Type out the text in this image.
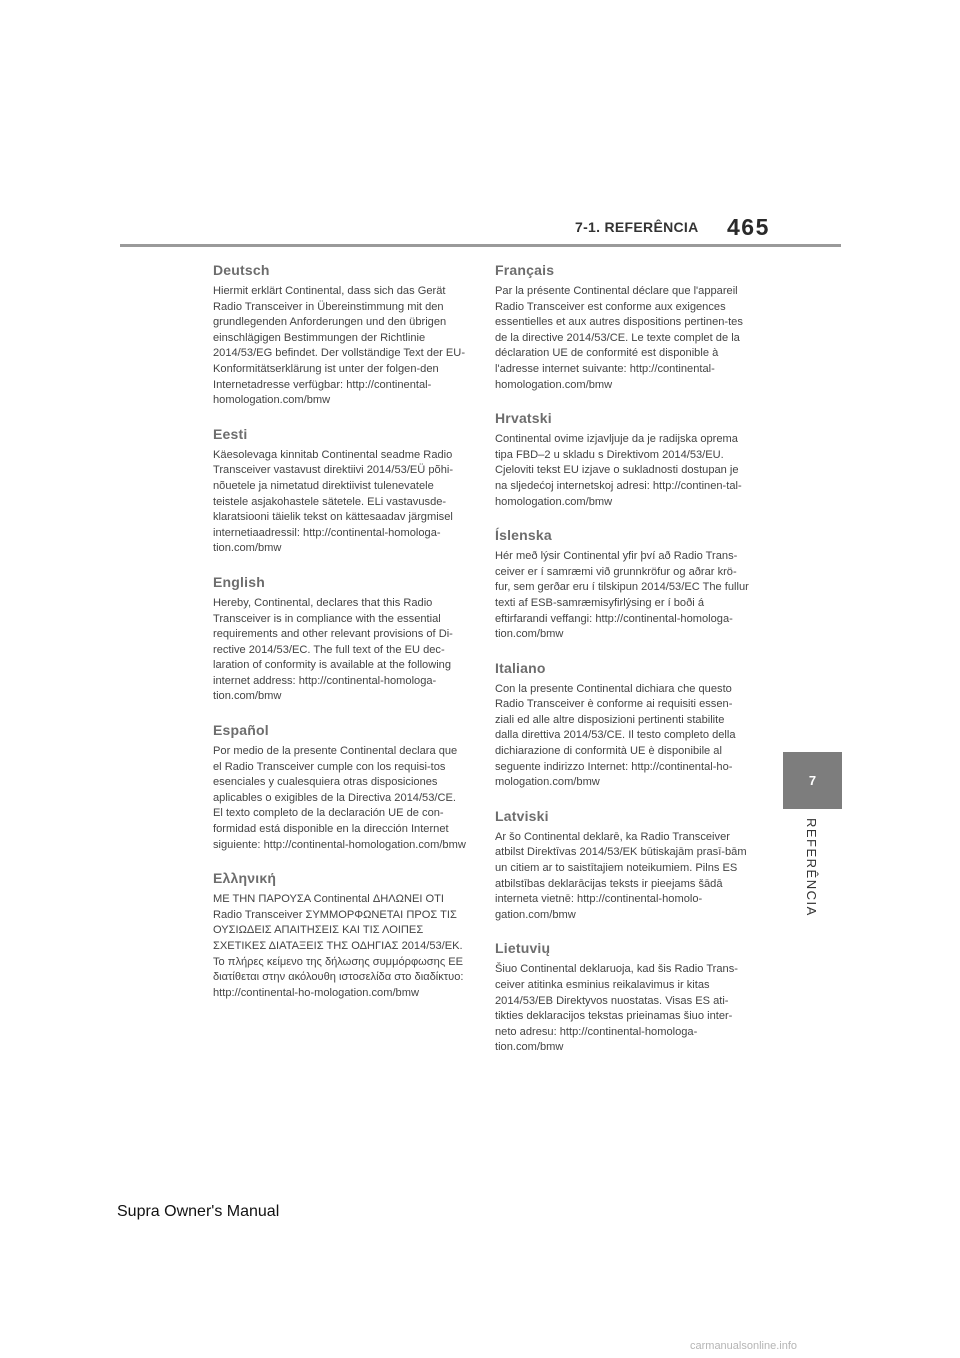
7-1. REFERÊNCIA 465
7
REFERÊNCIA
Deutsch

Hiermit erklärt Continental, dass sich das Gerät Radio Transceiver in Übereinstimmung mit den grundlegenden Anforderungen und den übrigen einschlägigen Bestimmungen der Richtlinie 2014/53/EG befindet. Der vollständige Text der EU-Konformitätserklärung ist unter der folgen-den Internetadresse verfügbar: http://continental-homologation.com/bmw

Eesti

Käesolevaga kinnitab Continental seadme Radio Transceiver vastavust direktiivi 2014/53/EÜ põhi-nõuetele ja nimetatud direktiivist tulenevatele teistele asjakohastele sätetele. ELi vastavusde-klaratsiooni täielik tekst on kättesaadav järgmisel internetiaadressil: http://continental-homologa-tion.com/bmw

English

Hereby, Continental, declares that this Radio Transceiver is in compliance with the essential requirements and other relevant provisions of Di-rective 2014/53/EC. The full text of the EU dec-laration of conformity is available at the following internet address: http://continental-homologa-tion.com/bmw

Español

Por medio de la presente Continental declara que el Radio Transceiver cumple con los requisi-tos esenciales y cualesquiera otras disposiciones aplicables o exigibles de la Directiva 2014/53/CE. El texto completo de la declaración UE de con-formidad está disponible en la dirección Internet siguiente: http://continental-homologation.com/bmw

Ελληνική

ΜΕ ΤΗΝ ΠΑΡΟΥΣΑ Continental ΔΗΛΩΝΕΙ ΟΤΙ Radio Transceiver ΣΥΜΜΟΡΦΩΝΕΤΑΙ ΠΡΟΣ ΤΙΣ ΟΥΣΙΩΔΕΙΣ ΑΠΑΙΤΗΣΕΙΣ ΚΑΙ ΤΙΣ ΛΟΙΠΕΣ ΣΧΕΤΙΚΕΣ ΔΙΑΤΑΞΕΙΣ ΤΗΣ ΟΔΗΓΙΑΣ 2014/53/ΕΚ. Το πλήρες κείμενο της δήλωσης συμμόρφωσης ΕΕ διατίθεται στην ακόλουθη ιστοσελίδα στο διαδίκτυο: http://continental-ho-mologation.com/bmw

Français

Par la présente Continental déclare que l'appareil Radio Transceiver est conforme aux exigences essentielles et aux autres dispositions pertinen-tes de la directive 2014/53/CE. Le texte complet de la déclaration UE de conformité est disponible à l'adresse internet suivante: http://continental-homologation.com/bmw

Hrvatski

Continental ovime izjavljuje da je radijska oprema tipa FBD–2 u skladu s Direktivom 2014/53/EU. Cjeloviti tekst EU izjave o sukladnosti dostupan je na sljedećoj internetskoj adresi: http://continen-tal-homologation.com/bmw

Íslenska

Hér með lýsir Continental yfir því að Radio Trans-ceiver er í samræmi við grunnkröfur og aðrar krö-fur, sem gerðar eru í tilskipun 2014/53/EC The fullur texti af ESB-samræmisyfirlýsing er í boði á eftirfarandi veffangi: http://continental-homologa-tion.com/bmw

Italiano

Con la presente Continental dichiara che questo Radio Transceiver è conforme ai requisiti essen-ziali ed alle altre disposizioni pertinenti stabilite dalla direttiva 2014/53/CE. Il testo completo della dichiarazione di conformità UE è disponibile al seguente indirizzo Internet: http://continental-ho-mologation.com/bmw

Latviski

Ar šo Continental deklarē, ka Radio Transceiver atbilst Direktīvas 2014/53/EK būtiskajām prasī-bām un citiem ar to saistītajiem noteikumiem. Pilns ES atbilstības deklarācijas teksts ir pieejams šādā interneta vietnē: http://continental-homolo-gation.com/bmw

Lietuvių

Šiuo Continental deklaruoja, kad šis Radio Trans-ceiver atitinka esminius reikalavimus ir kitas 2014/53/EB Direktyvos nuostatas. Visas ES ati-tikties deklaracijos tekstas prieinamas šiuo inter-neto adresu: http://continental-homologa-tion.com/bmw

Supra Owner's Manual
carmanualsonline.info
